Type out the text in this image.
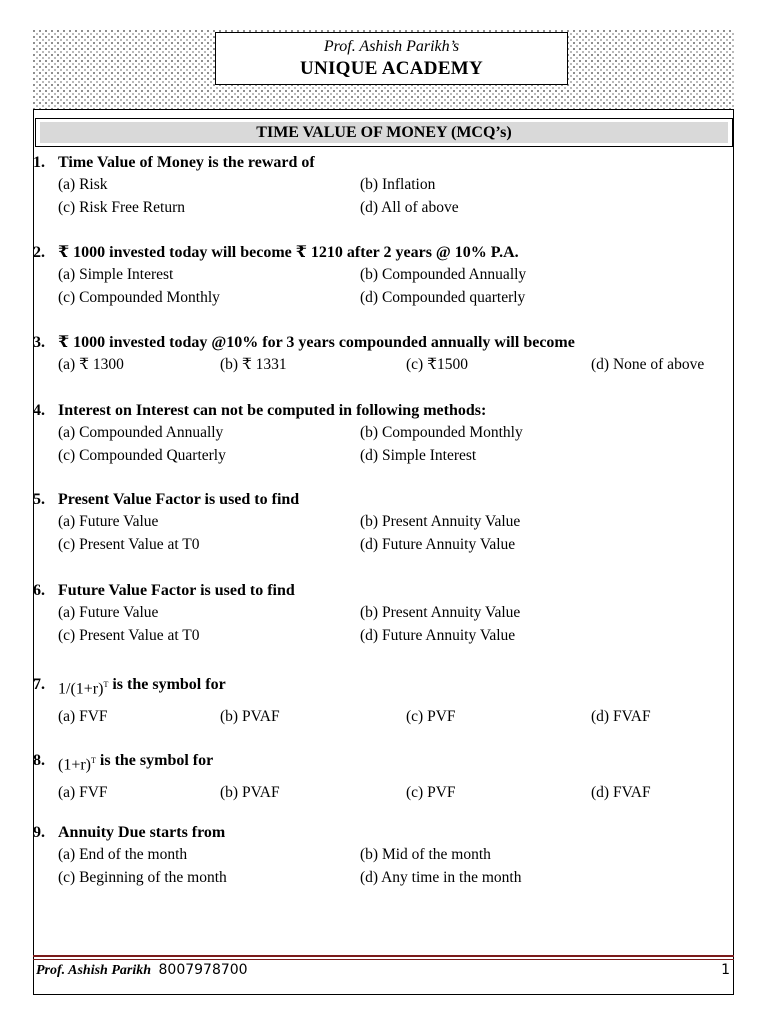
Prof. Ashish Parikh’s
UNIQUE ACADEMY
TIME VALUE OF MONEY (MCQ’s)
1. Time Value of Money is the reward of
(a) Risk	(b) Inflation
(c) Risk Free Return	(d) All of above
2. ₹ 1000 invested today will become ₹ 1210 after 2 years @ 10% P.A.
(a) Simple Interest	(b) Compounded Annually
(c) Compounded Monthly	(d) Compounded quarterly
3. ₹ 1000 invested today @10% for 3 years compounded annually will become
(a) ₹ 1300	(b) ₹ 1331	(c) ₹1500	(d) None of above
4. Interest on Interest can not be computed in following methods:
(a) Compounded Annually	(b) Compounded Monthly
(c) Compounded Quarterly	(d) Simple Interest
5. Present Value Factor is used to find
(a) Future Value	(b) Present Annuity Value
(c) Present Value at T0	(d) Future Annuity Value
6. Future Value Factor is used to find
(a) Future Value	(b) Present Annuity Value
(c) Present Value at T0	(d) Future Annuity Value
7. $1/(1+r)^T$ is the symbol for
(a) FVF	(b) PVAF	(c) PVF	(d) FVAF
8. $(1+r)^T$ is the symbol for
(a) FVF	(b) PVAF	(c) PVF	(d) FVAF
9. Annuity Due starts from
(a) End of the month	(b) Mid of the month
(c) Beginning of the month	(d) Any time in the month
Prof. Ashish Parikh 8007978700	1
